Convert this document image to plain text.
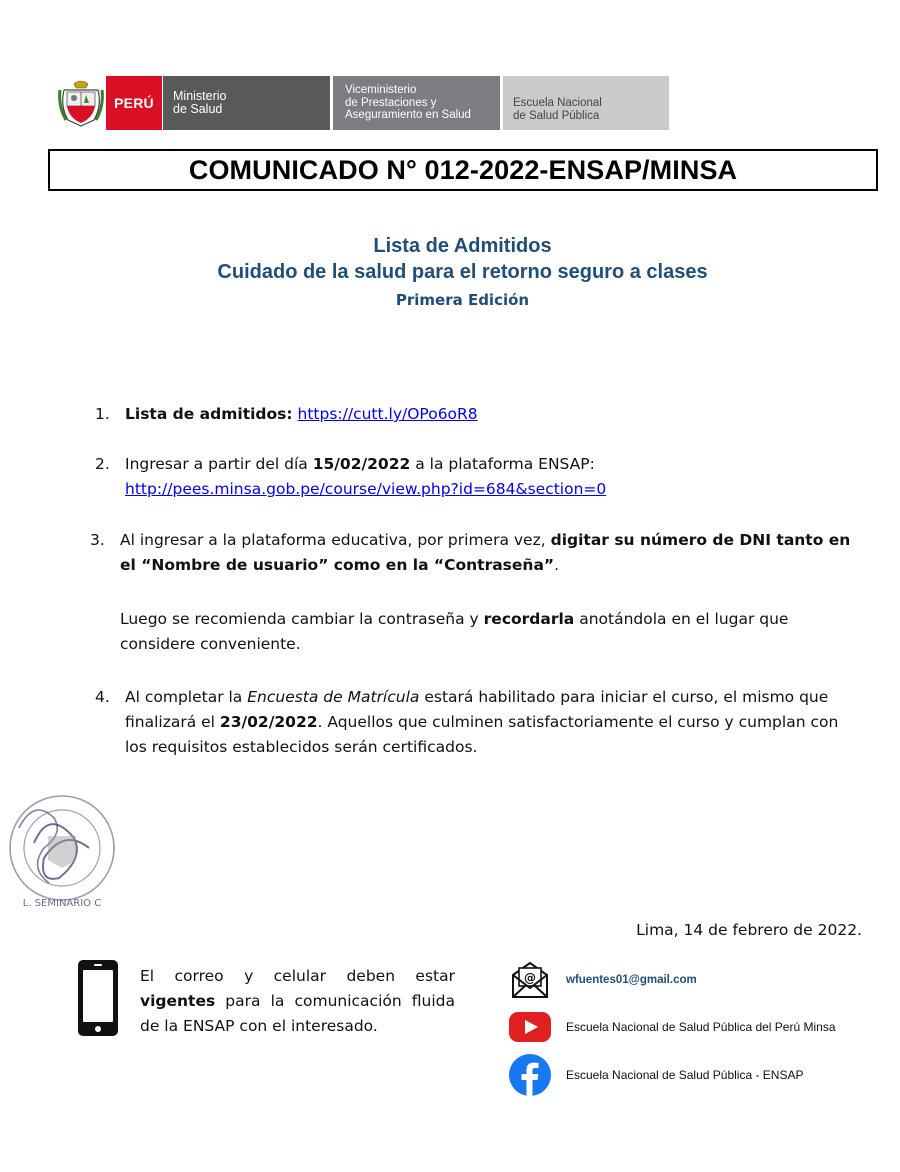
PERÚ Ministerio
de Salud
Viceministerio
de Prestaciones y
Aseguramiento en Salud
Escuela Nacional
de Salud Pública
COMUNICADO N° 012-2022-ENSAP/MINSA
Lista de Admitidos
Cuidado de la salud para el retorno seguro a clases
Primera Edición
1. Lista de admitidos: https://cutt.ly/OPo6oR8
2. Ingresar a partir del día 15/02/2022 a la plataforma ENSAP:
http://pees.minsa.gob.pe/course/view.php?id=684&section=0
3. Al ingresar a la plataforma educativa, por primera vez, digitar su número de DNI tanto en
el “Nombre de usuario” como en la “Contraseña”.
Luego se recomienda cambiar la contraseña y recordarla anotándola en el lugar que
considere conveniente.
4. Al completar la Encuesta de Matrícula estará habilitado para iniciar el curso, el mismo que
finalizará el 23/02/2022. Aquellos que culminen satisfactoriamente el curso y cumplan con
los requisitos establecidos serán certificados.
L. SEMINARIO C
Lima, 14 de febrero de 2022.
El correo y celular deben estar
vigentes para la comunicación fluida
de la ENSAP con el interesado.
@	wfuentes01@gmail.com
Escuela Nacional de Salud Pública del Perú Minsa
Escuela Nacional de Salud Pública - ENSAP
